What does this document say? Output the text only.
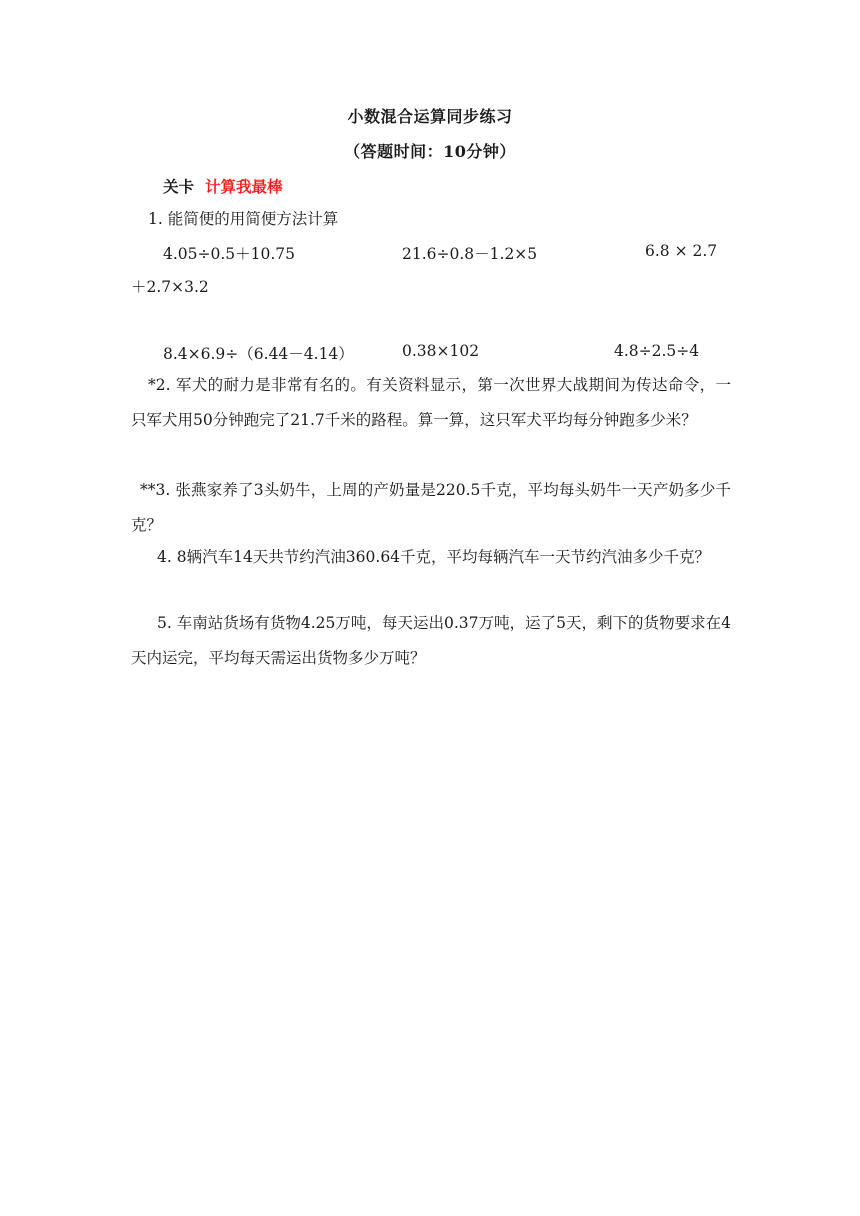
小数混合运算同步练习
（答题时间：10分钟）
关卡 计算我最棒
1. 能简便的用简便方法计算
4.05÷0.5＋10.75	21.6÷0.8－1.2×5	6.8 × 2.7
＋2.7×3.2
8.4×6.9÷（6.44－4.14）	0.38×102	4.8÷2.5÷4

*2. 军犬的耐力是非常有名的。有关资料显示，第一次世界大战期间为传达命令，一只军犬用50分钟跑完了21.7千米的路程。算一算，这只军犬平均每分钟跑多少米？

**3. 张燕家养了3头奶牛，上周的产奶量是220.5千克，平均每头奶牛一天产奶多少千克？

4. 8辆汽车14天共节约汽油360.64千克，平均每辆汽车一天节约汽油多少千克？

5. 车南站货场有货物4.25万吨，每天运出0.37万吨，运了5天，剩下的货物要求在4天内运完，平均每天需运出货物多少万吨？
